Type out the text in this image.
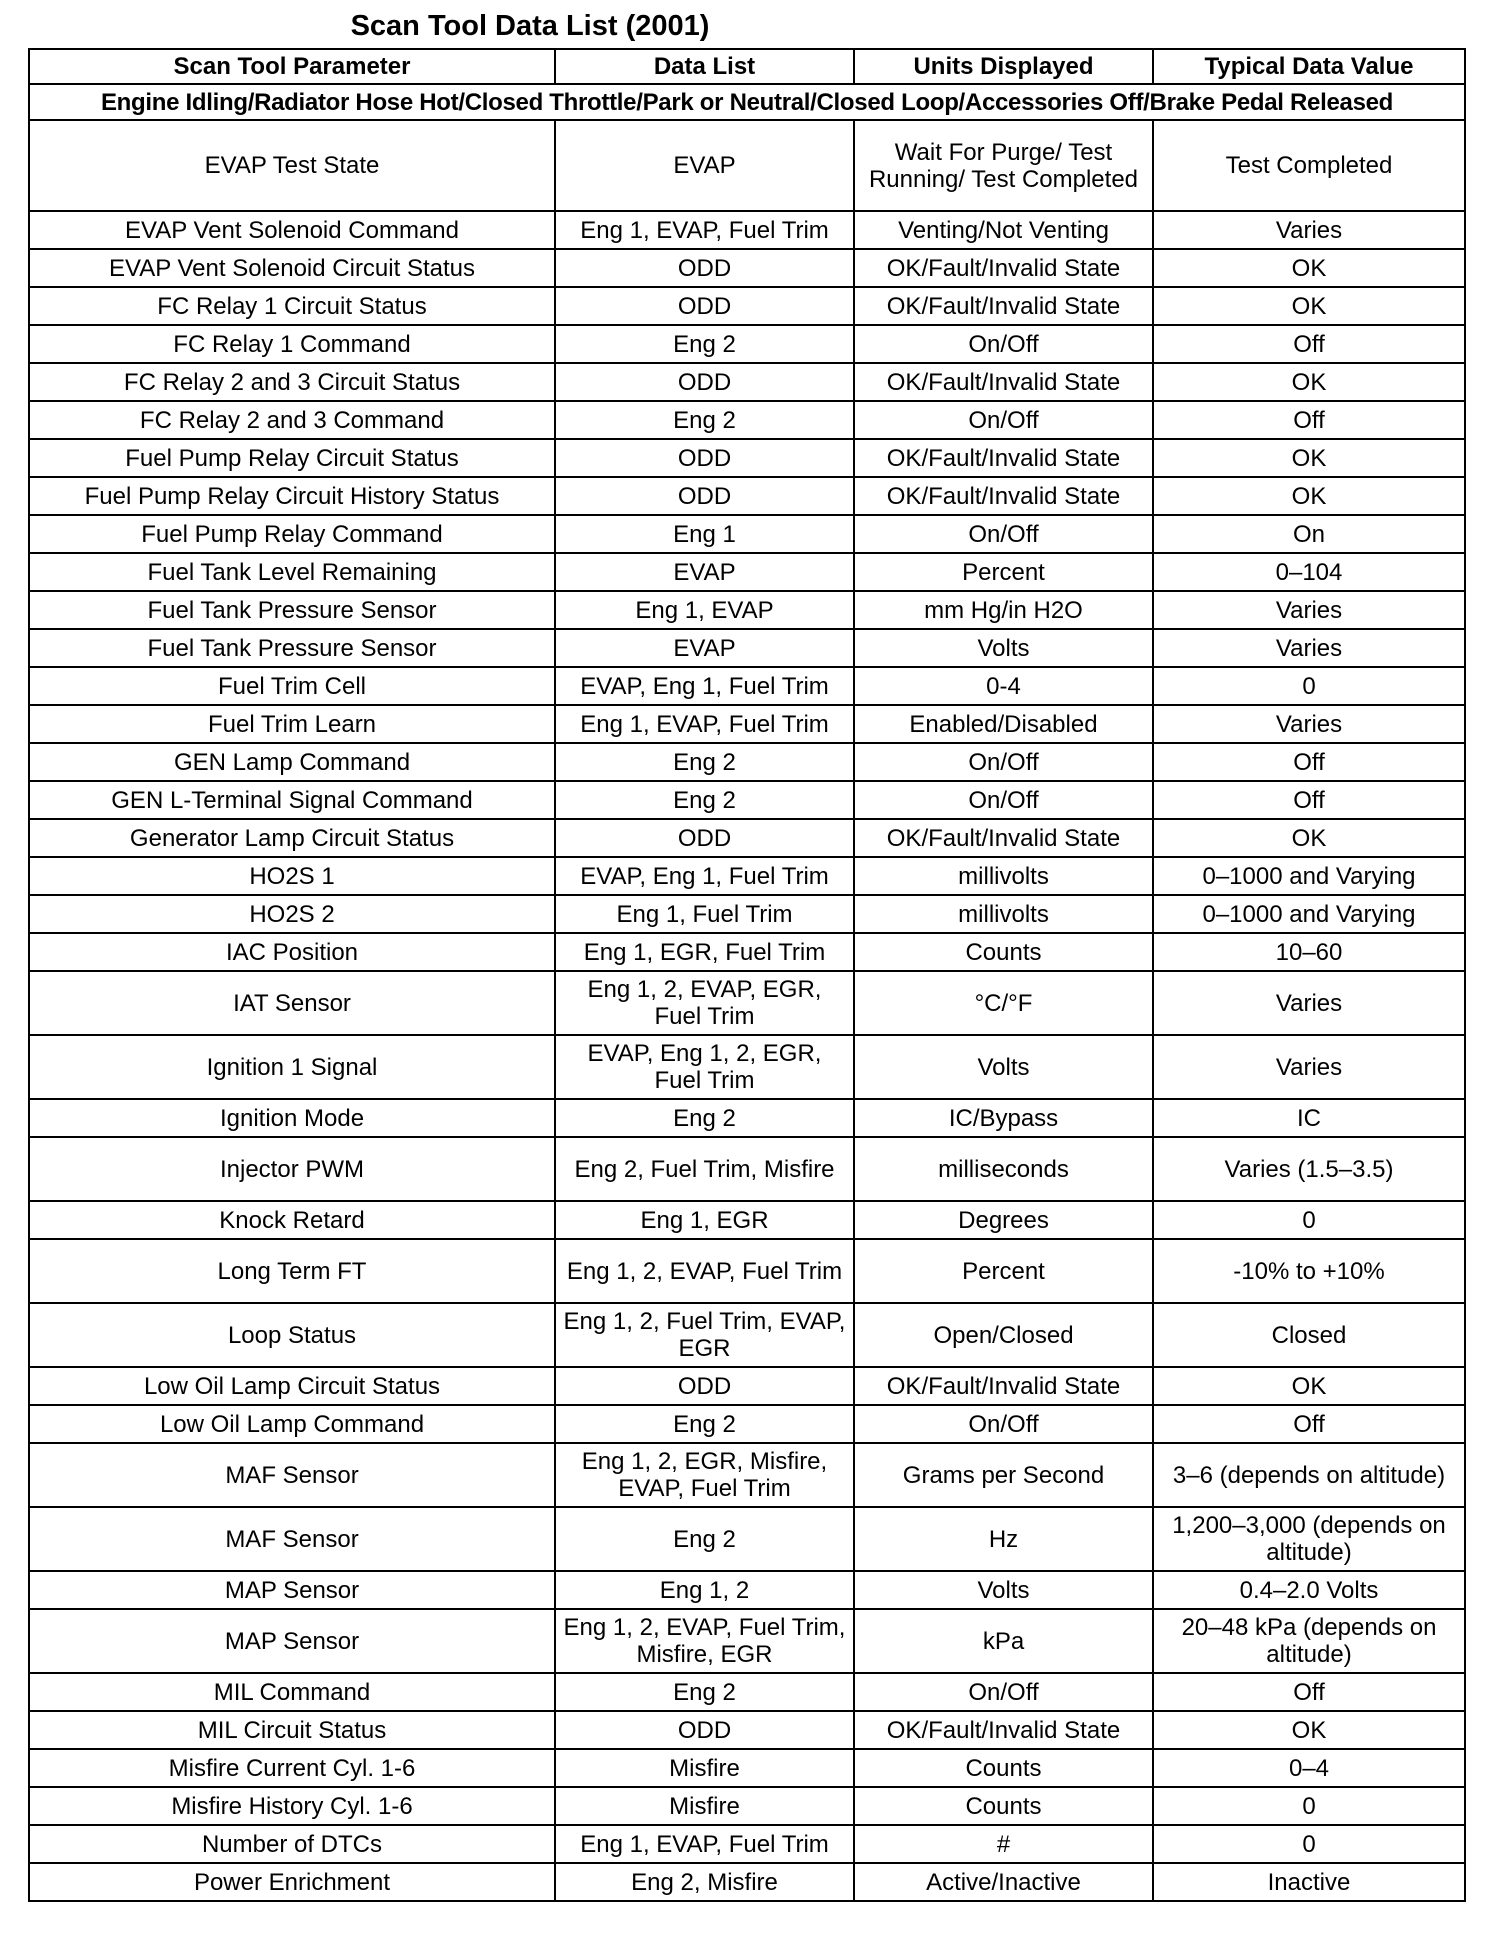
Scan Tool Data List (2001)
Scan Tool Parameter	Data List	Units Displayed	Typical Data Value
Engine Idling/Radiator Hose Hot/Closed Throttle/Park or Neutral/Closed Loop/Accessories Off/Brake Pedal Released			
EVAP Test State	EVAP	Wait For Purge/ Test Running/ Test Completed	Test Completed
EVAP Vent Solenoid Command	Eng 1, EVAP, Fuel Trim	Venting/Not Venting	Varies
EVAP Vent Solenoid Circuit Status	ODD	OK/Fault/Invalid State	OK
FC Relay 1 Circuit Status	ODD	OK/Fault/Invalid State	OK
FC Relay 1 Command	Eng 2	On/Off	Off
FC Relay 2 and 3 Circuit Status	ODD	OK/Fault/Invalid State	OK
FC Relay 2 and 3 Command	Eng 2	On/Off	Off
Fuel Pump Relay Circuit Status	ODD	OK/Fault/Invalid State	OK
Fuel Pump Relay Circuit History Status	ODD	OK/Fault/Invalid State	OK
Fuel Pump Relay Command	Eng 1	On/Off	On
Fuel Tank Level Remaining	EVAP	Percent	0–104
Fuel Tank Pressure Sensor	Eng 1, EVAP	mm Hg/in H2O	Varies
Fuel Tank Pressure Sensor	EVAP	Volts	Varies
Fuel Trim Cell	EVAP, Eng 1, Fuel Trim	0-4	0
Fuel Trim Learn	Eng 1, EVAP, Fuel Trim	Enabled/Disabled	Varies
GEN Lamp Command	Eng 2	On/Off	Off
GEN L-Terminal Signal Command	Eng 2	On/Off	Off
Generator Lamp Circuit Status	ODD	OK/Fault/Invalid State	OK
HO2S 1	EVAP, Eng 1, Fuel Trim	millivolts	0–1000 and Varying
HO2S 2	Eng 1, Fuel Trim	millivolts	0–1000 and Varying
IAC Position	Eng 1, EGR, Fuel Trim	Counts	10–60
IAT Sensor	Eng 1, 2, EVAP, EGR, Fuel Trim	°C/°F	Varies
Ignition 1 Signal	EVAP, Eng 1, 2, EGR, Fuel Trim	Volts	Varies
Ignition Mode	Eng 2	IC/Bypass	IC
Injector PWM	Eng 2, Fuel Trim, Misfire	milliseconds	Varies (1.5–3.5)
Knock Retard	Eng 1, EGR	Degrees	0
Long Term FT	Eng 1, 2, EVAP, Fuel Trim	Percent	-10% to +10%
Loop Status	Eng 1, 2, Fuel Trim, EVAP, EGR	Open/Closed	Closed
Low Oil Lamp Circuit Status	ODD	OK/Fault/Invalid State	OK
Low Oil Lamp Command	Eng 2	On/Off	Off
MAF Sensor	Eng 1, 2, EGR, Misfire, EVAP, Fuel Trim	Grams per Second	3–6 (depends on altitude)
MAF Sensor	Eng 2	Hz	1,200–3,000 (depends on altitude)
MAP Sensor	Eng 1, 2	Volts	0.4–2.0 Volts
MAP Sensor	Eng 1, 2, EVAP, Fuel Trim, Misfire, EGR	kPa	20–48 kPa (depends on altitude)
MIL Command	Eng 2	On/Off	Off
MIL Circuit Status	ODD	OK/Fault/Invalid State	OK
Misfire Current Cyl. 1-6	Misfire	Counts	0–4
Misfire History Cyl. 1-6	Misfire	Counts	0
Number of DTCs	Eng 1, EVAP, Fuel Trim	#	0
Power Enrichment	Eng 2, Misfire	Active/Inactive	Inactive
